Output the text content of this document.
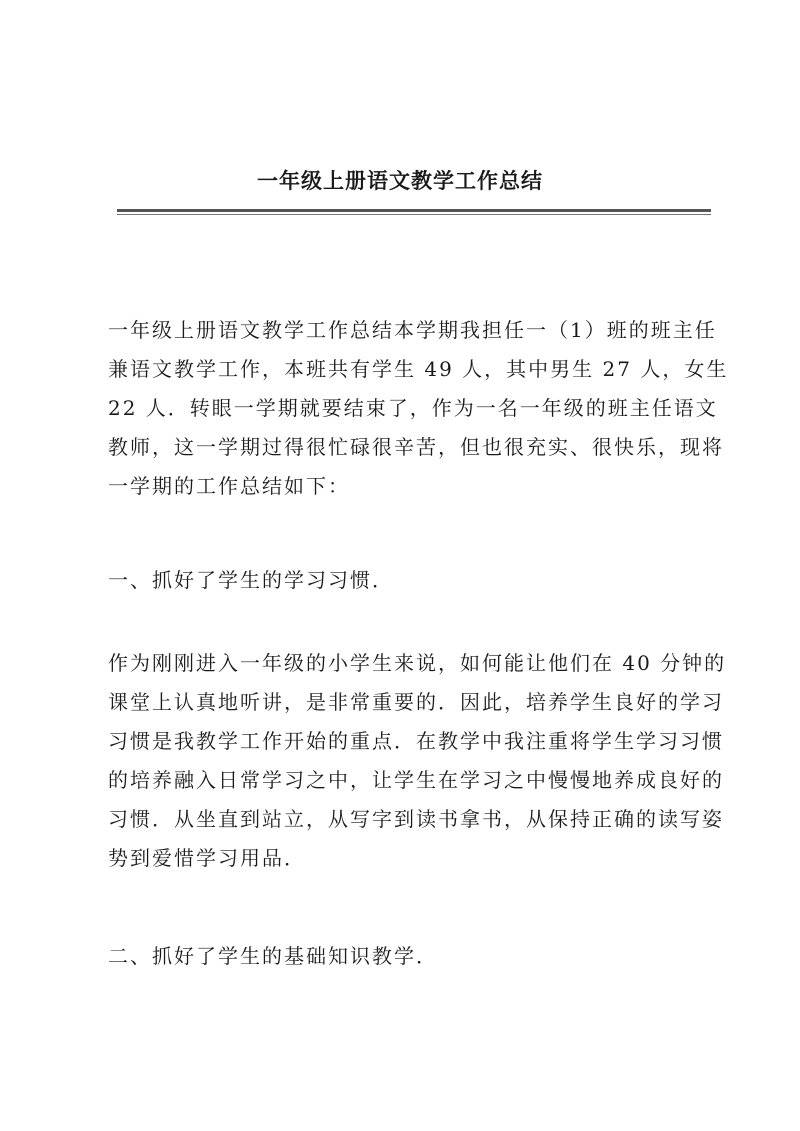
一年级上册语文教学工作总结
一年级上册语文教学工作总结本学期我担任一（1）班的班主任
兼语文教学工作，本班共有学生 49 人，其中男生 27 人，女生
22 人．转眼一学期就要结束了，作为一名一年级的班主任语文
教师，这一学期过得很忙碌很辛苦，但也很充实、很快乐，现将
一学期的工作总结如下：
一、抓好了学生的学习习惯．
作为刚刚进入一年级的小学生来说，如何能让他们在 40 分钟的
课堂上认真地听讲，是非常重要的．因此，培养学生良好的学习
习惯是我教学工作开始的重点．在教学中我注重将学生学习习惯
的培养融入日常学习之中，让学生在学习之中慢慢地养成良好的
习惯．从坐直到站立，从写字到读书拿书，从保持正确的读写姿
势到爱惜学习用品．
二、抓好了学生的基础知识教学．
